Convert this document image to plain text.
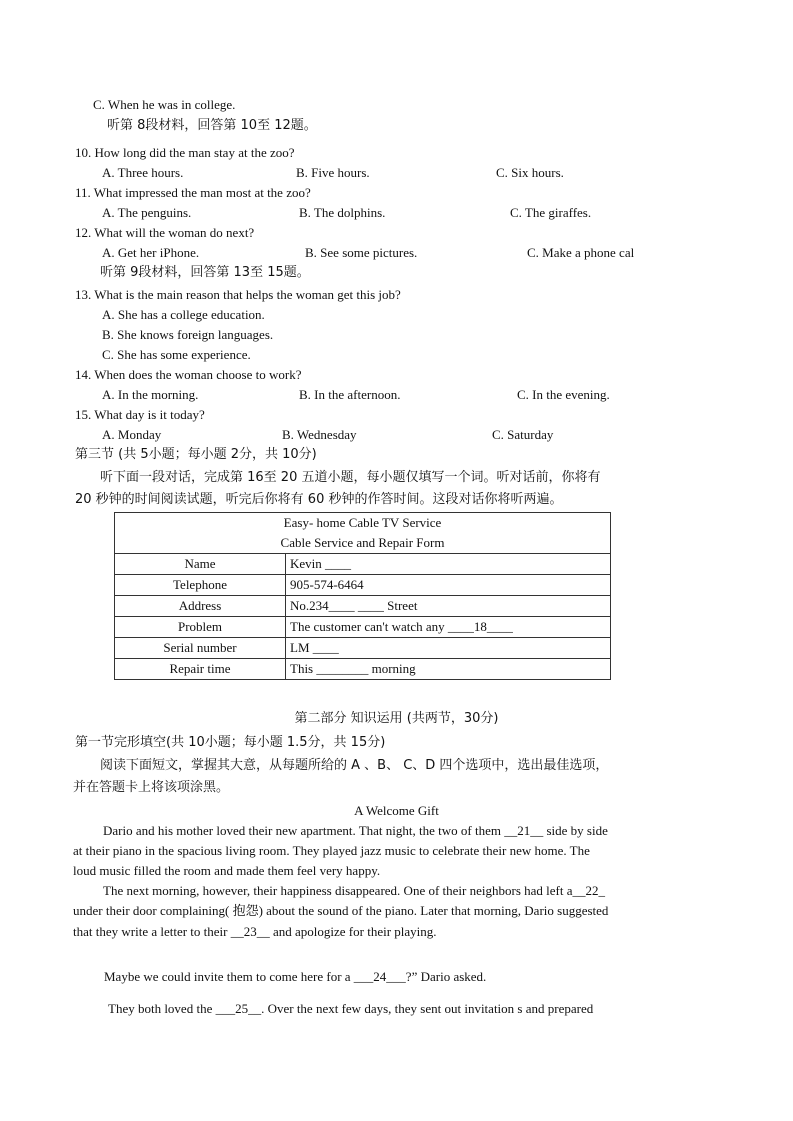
C. When he was in college.
听第 8段材料，回答第 10至 12题。
10. How long did the man stay at the zoo?
A. Three hours.	B. Five hours.	C. Six hours.
11. What impressed the man most at the zoo?
A. The penguins.	B. The dolphins.	C. The giraffes.
12. What will the woman do next?
A. Get her iPhone.	B. See some pictures.	C. Make a phone cal
听第 9段材料，回答第 13至 15题。
13. What is the main reason that helps the woman get this job?
A. She has a college education.
B. She knows foreign languages.
C. She has some experience.
14. When does the woman choose to work?
A. In the morning.	B. In the afternoon.	C. In the evening.
15. What day is it today?
A. Monday	B. Wednesday	C. Saturday
第三节 (共 5小题；每小题 2分，共 10分)
听下面一段对话，完成第 16至 20 五道小题，每小题仅填写一个词。听对话前，你将有
20 秒钟的时间阅读试题，听完后你将有 60 秒钟的作答时间。这段对话你将听两遍。
Easy- home Cable TV Service
Cable Service and Repair Form	

Name	Kevin ____
Telephone	905-574-6464
Address	No.234____ ____ Street
Problem	The customer can't watch any ____18____
Serial number	LM ____
Repair time	This ________ morning
第二部分 知识运用 (共两节，30分)
第一节完形填空(共 10小题；每小题 1.5分，共 15分)
阅读下面短文，掌握其大意，从每题所给的 A 、B、 C、D 四个选项中，选出最佳选项，
并在答题卡上将该项涂黑。
A Welcome Gift
Dario and his mother loved their new apartment. That night, the two of them __21__ side by side
at their piano in the spacious living room. They played jazz music to celebrate their new home. The
loud music filled the room and made them feel very happy.
The next morning, however, their happiness disappeared. One of their neighbors had left a__22_
under their door complaining( 抱怨) about the sound of the piano. Later that morning, Dario suggested
that they write a letter to their __23__ and apologize for their playing.
Maybe we could invite them to come here for a ___24___?” Dario asked.
They both loved the ___25__. Over the next few days, they sent out invitation s and prepared
